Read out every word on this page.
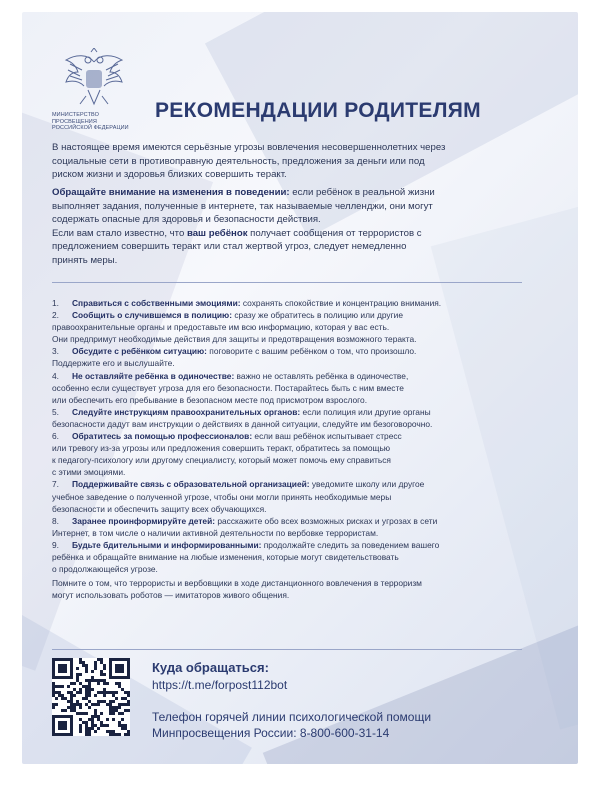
МИНИСТЕРСТВО ПРОСВЕЩЕНИЯ РОССИЙСКОЙ ФЕДЕРАЦИИ
РЕКОМЕНДАЦИИ РОДИТЕЛЯМ
В настоящее время имеются серьёзные угрозы вовлечения несовершеннолетних через
социальные сети в противоправную деятельность, предложения за деньги или под
риском жизни и здоровья близких совершить теракт.

Обращайте внимание на изменения в поведении: если ребёнок в реальной жизни

выполняет задания, полученные в интернете, так называемые челленджи, они могут

содержать опасные для здоровья и безопасности действия.

Если вам стало известно, что ваш ребёнок получает сообщения от террористов с

предложением совершить теракт или стал жертвой угроз, следует немедленно

принять меры.

1. Справиться с собственными эмоциями: сохранять спокойствие и концентрацию внимания.
2. Сообщить о случившемся в полицию: сразу же обратитесь в полицию или другие
правоохранительные органы и предоставьте им всю информацию, которая у вас есть.
Они предпримут необходимые действия для защиты и предотвращения возможного теракта.
3. Обсудите с ребёнком ситуацию: поговорите с вашим ребёнком о том, что произошло.
Поддержите его и выслушайте.
4. Не оставляйте ребёнка в одиночестве: важно не оставлять ребёнка в одиночестве,
особенно если существует угроза для его безопасности. Постарайтесь быть с ним вместе
или обеспечить его пребывание в безопасном месте под присмотром взрослого.
5. Следуйте инструкциям правоохранительных органов: если полиция или другие органы
безопасности дадут вам инструкции о действиях в данной ситуации, следуйте им безоговорочно.
6. Обратитесь за помощью профессионалов: если ваш ребёнок испытывает стресс
или тревогу из-за угрозы или предложения совершить теракт, обратитесь за помощью
к педагогу-психологу или другому специалисту, который может помочь ему справиться
с этими эмоциями.
7. Поддерживайте связь с образовательной организацией: уведомите школу или другое
учебное заведение о полученной угрозе, чтобы они могли принять необходимые меры
безопасности и обеспечить защиту всех обучающихся.
8. Заранее проинформируйте детей: расскажите обо всех возможных рисках и угрозах в сети
Интернет, в том числе о наличии активной деятельности по вербовке террористам.
9. Будьте бдительными и информированными: продолжайте следить за поведением вашего
ребёнка и обращайте внимание на любые изменения, которые могут свидетельствовать
о продолжающейся угрозе.
Помните о том, что террористы и вербовщики в ходе дистанционного вовлечения в терроризм
могут использовать роботов — имитаторов живого общения.
Куда обращаться:
https://t.me/forpost112bot
Телефон горячей линии психологической помощи
Минпросвещения России: 8-800-600-31-14
